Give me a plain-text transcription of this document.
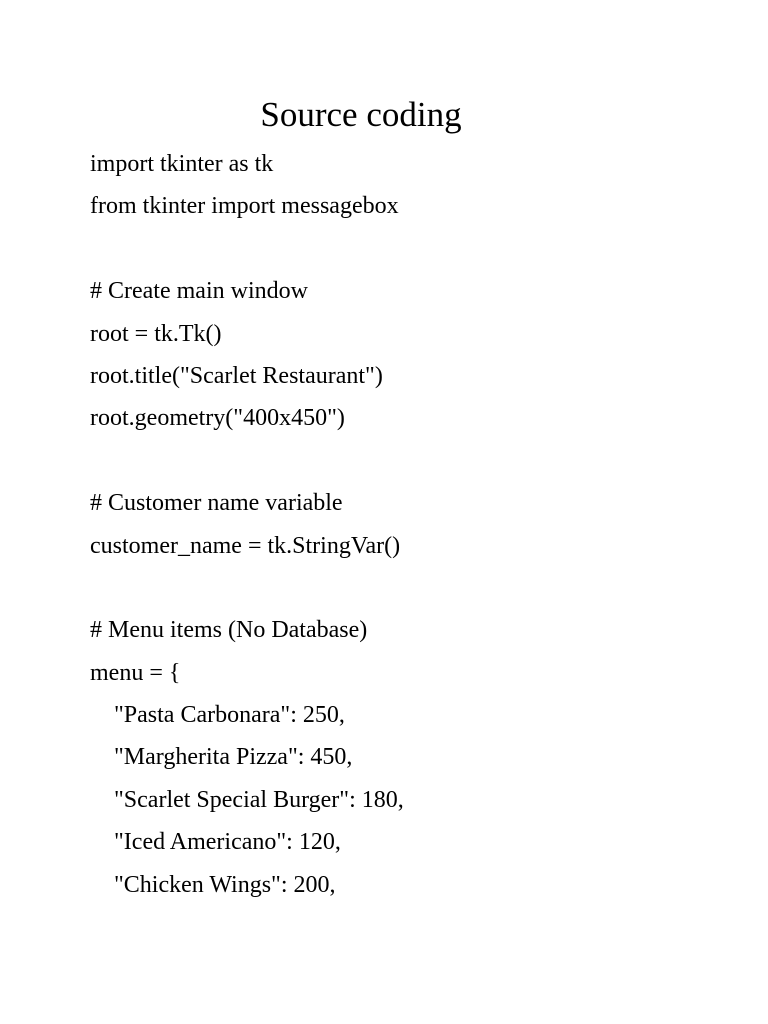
Source coding
import tkinter as tk
from tkinter import messagebox
# Create main window
root = tk.Tk()
root.title("Scarlet Restaurant")
root.geometry("400x450")
# Customer name variable
customer_name = tk.StringVar()
# Menu items (No Database)
menu = {
"Pasta Carbonara": 250,
"Margherita Pizza": 450,
"Scarlet Special Burger": 180,
"Iced Americano": 120,
"Chicken Wings": 200,
